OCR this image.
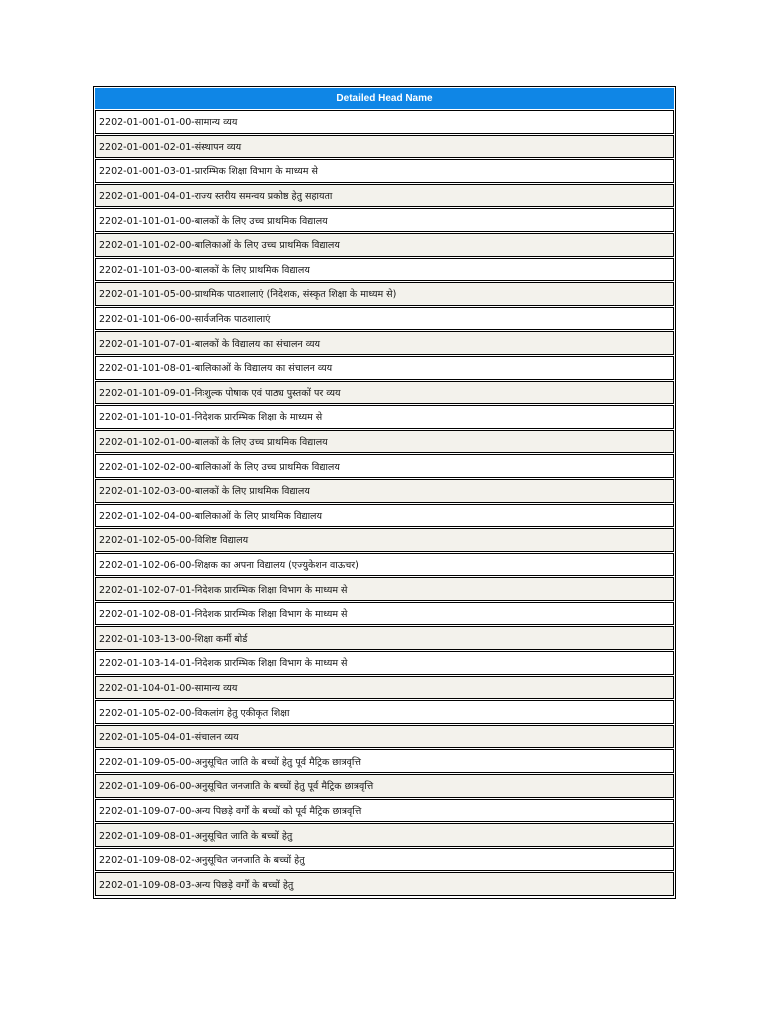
Detailed Head Name
2202-01-001-01-00-सामान्य व्यय
2202-01-001-02-01-संस्थापन व्यय
2202-01-001-03-01-प्रारम्भिक शिक्षा विभाग के माध्यम से
2202-01-001-04-01-राज्य स्तरीय समन्वय प्रकोष्ठ हेतु सहायता
2202-01-101-01-00-बालकों के लिए उच्च प्राथमिक विद्यालय
2202-01-101-02-00-बालिकाओं के लिए उच्च प्राथमिक विद्यालय
2202-01-101-03-00-बालकों के लिए प्राथमिक विद्यालय
2202-01-101-05-00-प्राथमिक पाठशालाएं (निदेशक, संस्कृत शिक्षा के माध्यम से)
2202-01-101-06-00-सार्वजनिक पाठशालाएं
2202-01-101-07-01-बालकों के विद्यालय का संचालन व्यय
2202-01-101-08-01-बालिकाओं के विद्यालय का संचालन व्यय
2202-01-101-09-01-निःशुल्क पोषाक एवं पाठ्य पुस्तकों पर व्यय
2202-01-101-10-01-निदेशक प्रारम्भिक शिक्षा के माध्यम से
2202-01-102-01-00-बालकों के लिए उच्च प्राथमिक विद्यालय
2202-01-102-02-00-बालिकाओं के लिए उच्च प्राथमिक विद्यालय
2202-01-102-03-00-बालकों के लिए प्राथमिक विद्यालय
2202-01-102-04-00-बालिकाओं के लिए प्राथमिक विद्यालय
2202-01-102-05-00-विशिष्ट विद्यालय
2202-01-102-06-00-शिक्षक का अपना विद्यालय (एज्युकेशन वाऊचर)
2202-01-102-07-01-निदेशक प्रारम्भिक शिक्षा विभाग के माध्यम से
2202-01-102-08-01-निदेशक प्रारम्भिक शिक्षा विभाग के माध्यम से
2202-01-103-13-00-शिक्षा कर्मी बोर्ड
2202-01-103-14-01-निदेशक प्रारम्भिक शिक्षा विभाग के माध्यम से
2202-01-104-01-00-सामान्य व्यय
2202-01-105-02-00-विकलांग हेतु एकीकृत शिक्षा
2202-01-105-04-01-संचालन व्यय
2202-01-109-05-00-अनुसूचित जाति के बच्चों हेतु पूर्व मैट्रिक छात्रवृत्ति
2202-01-109-06-00-अनुसूचित जनजाति के बच्चों हेतु पूर्व मैट्रिक छात्रवृत्ति
2202-01-109-07-00-अन्य पिछड़े वर्गों के बच्चों को पूर्व मैट्रिक छात्रवृत्ति
2202-01-109-08-01-अनुसूचित जाति के बच्चों हेतु
2202-01-109-08-02-अनुसूचित जनजाति के बच्चों हेतु
2202-01-109-08-03-अन्य पिछड़े वर्गों के बच्चों हेतु
